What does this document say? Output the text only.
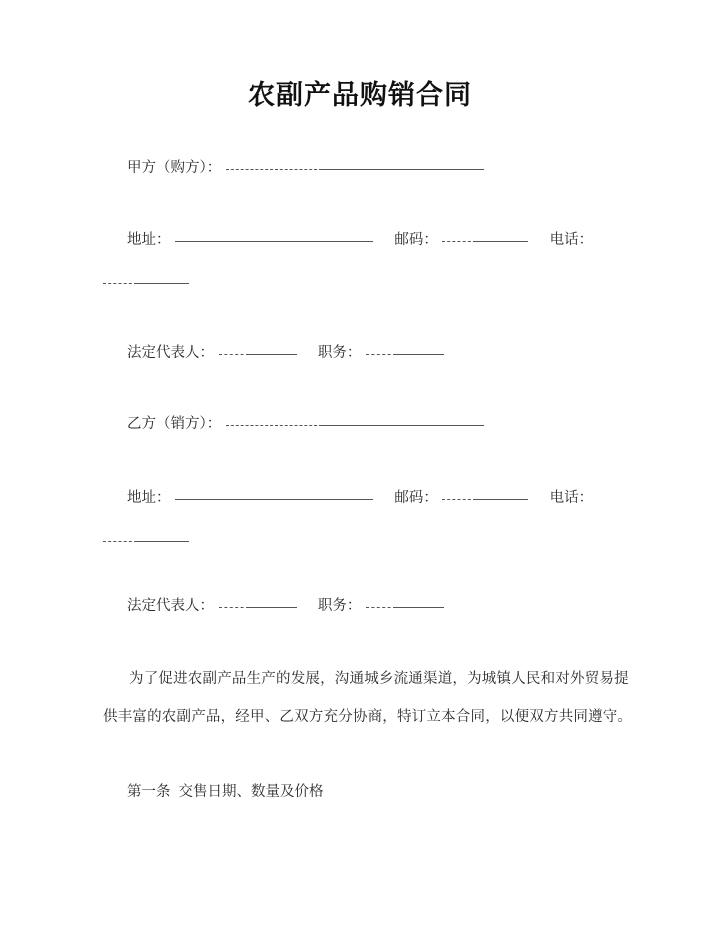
农副产品购销合同
甲方（购方）：
地址：	邮码：	电话：
法定代表人：	职务：
乙方（销方）：
地址：	邮码：	电话：
法定代表人：	职务：
为了促进农副产品生产的发展，沟通城乡流通渠道，为城镇人民和对外贸易提
供丰富的农副产品，经甲、乙双方充分协商，特订立本合同，以便双方共同遵守。
第一条 交售日期、数量及价格
